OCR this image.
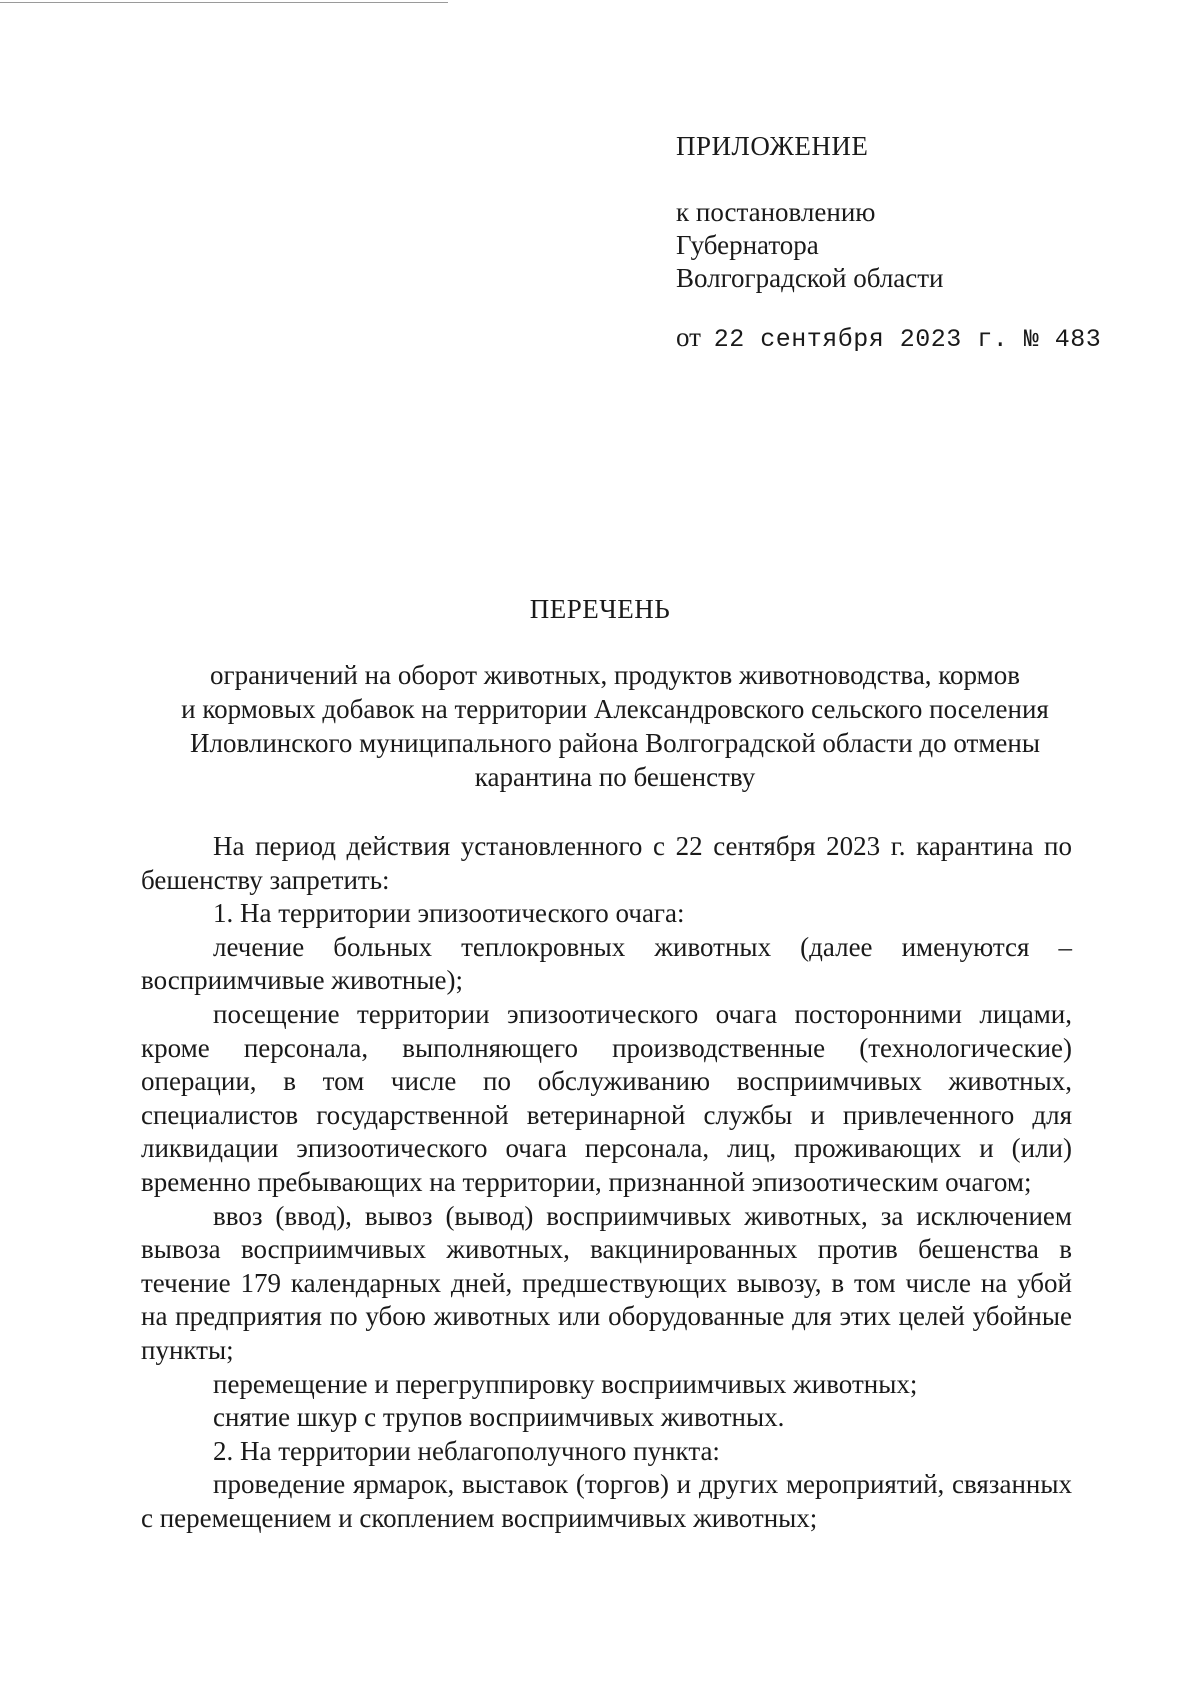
ПРИЛОЖЕНИЕ
к постановлению
Губернатора
Волгоградской области
от 22 сентября 2023 г. № 483
ПЕРЕЧЕНЬ
ограничений на оборот животных, продуктов животноводства, кормов
и кормовых добавок на территории Александровского сельского поселения
Иловлинского муниципального района Волгоградской области до отмены
карантина по бешенству

На период действия установленного с 22 сентября 2023 г. карантина по бешенству запретить:

1. На территории эпизоотического очага:

лечение больных теплокровных животных (далее именуются – восприимчивые животные);

посещение территории эпизоотического очага посторонними лицами, кроме персонала, выполняющего производственные (технологические) операции, в том числе по обслуживанию восприимчивых животных, специалистов государственной ветеринарной службы и привлеченного для ликвидации эпизоотического очага персонала, лиц, проживающих и (или) временно пребывающих на территории, признанной эпизоотическим очагом;

ввоз (ввод), вывоз (вывод) восприимчивых животных, за исключением вывоза восприимчивых животных, вакцинированных против бешенства в течение 179 календарных дней, предшествующих вывозу, в том числе на убой на предприятия по убою животных или оборудованные для этих целей убойные пункты;

перемещение и перегруппировку восприимчивых животных;

снятие шкур с трупов восприимчивых животных.

2. На территории неблагополучного пункта:

проведение ярмарок, выставок (торгов) и других мероприятий, связанных с перемещением и скоплением восприимчивых животных;
